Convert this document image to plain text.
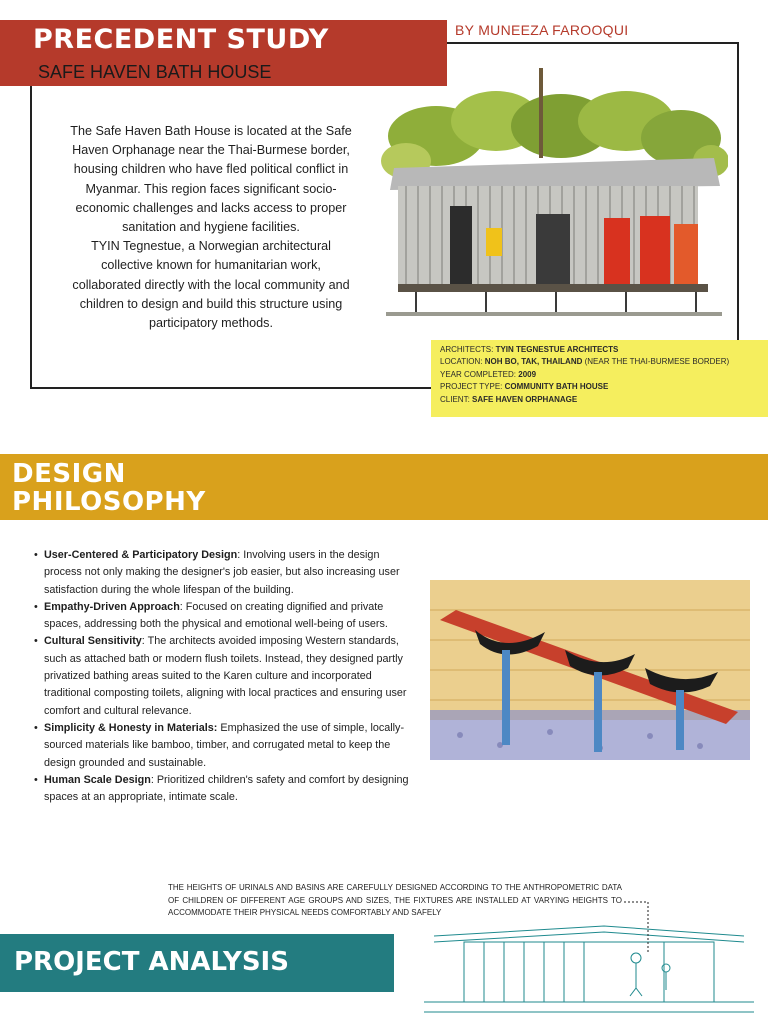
PRECEDENT STUDY
SAFE HAVEN BATH HOUSE
BY MUNEEZA FAROOQUI

The Safe Haven Bath House is located at the Safe Haven Orphanage near the Thai-Burmese border, housing children who have fled political conflict in Myanmar. This region faces significant socio-economic challenges and lacks access to proper sanitation and hygiene facilities.

TYIN Tegnestue, a Norwegian architectural collective known for humanitarian work, collaborated directly with the local community and children to design and build this structure using participatory methods.

ARCHITECTS: TYIN TEGNESTUE ARCHITECTS
LOCATION: NOH BO, TAK, THAILAND (NEAR THE THAI-BURMESE BORDER)
YEAR COMPLETED: 2009
PROJECT TYPE: COMMUNITY BATH HOUSE
CLIENT: SAFE HAVEN ORPHANAGE
DESIGN
PHILOSOPHY
• User-Centered & Participatory Design: Involving users in the design process not only making the designer's job easier, but also increasing user satisfaction during the whole lifespan of the building.
• Empathy-Driven Approach: Focused on creating dignified and private spaces, addressing both the physical and emotional well-being of users.
• Cultural Sensitivity: The architects avoided imposing Western standards, such as attached bath or modern flush toilets. Instead, they designed partly privatized bathing areas suited to the Karen culture and incorporated traditional composting toilets, aligning with local practices and ensuring user comfort and cultural relevance.
• Simplicity & Honesty in Materials: Emphasized the use of simple, locally-sourced materials like bamboo, timber, and corrugated metal to keep the design grounded and sustainable.
• Human Scale Design: Prioritized children's safety and comfort by designing spaces at an appropriate, intimate scale.
THE HEIGHTS OF URINALS AND BASINS ARE CAREFULLY DESIGNED ACCORDING TO THE ANTHROPOMETRIC DATA OF CHILDREN OF DIFFERENT AGE GROUPS AND SIZES, THE FIXTURES ARE INSTALLED AT VARYING HEIGHTS TO ACCOMMODATE THEIR PHYSICAL NEEDS COMFORTABLY AND SAFELY
PROJECT ANALYSIS
